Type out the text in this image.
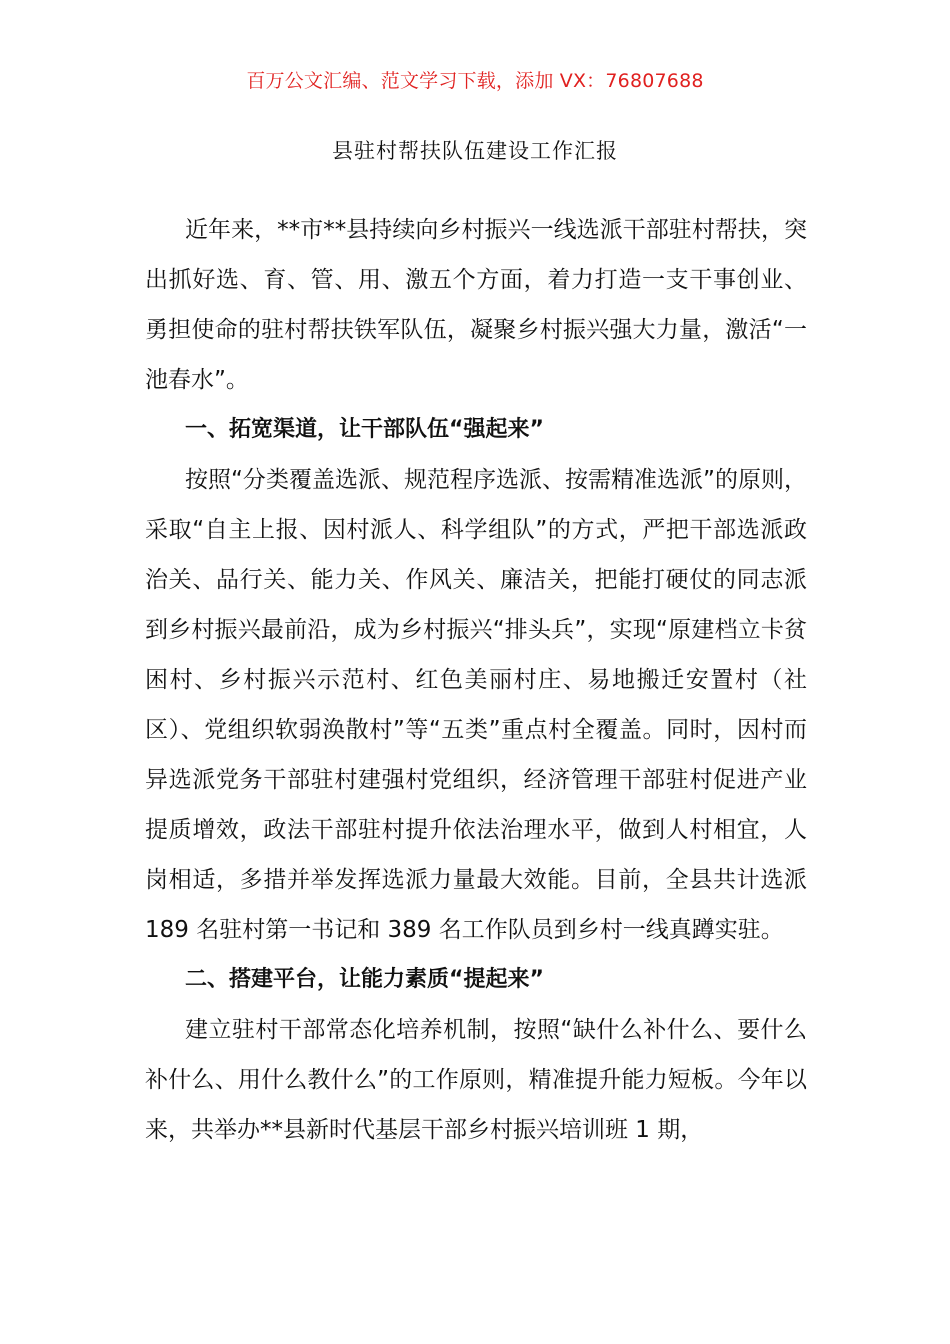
百万公文汇编、范文学习下载，添加 VX：76807688
县驻村帮扶队伍建设工作汇报

近年来，**市**县持续向乡村振兴一线选派干部驻村帮扶，突出抓好选、育、管、用、激五个方面，着力打造一支干事创业、勇担使命的驻村帮扶铁军队伍，凝聚乡村振兴强大力量，激活“一池春水”。

一、拓宽渠道，让干部队伍“强起来”

按照“分类覆盖选派、规范程序选派、按需精准选派”的原则，采取“自主上报、因村派人、科学组队”的方式，严把干部选派政治关、品行关、能力关、作风关、廉洁关，把能打硬仗的同志派到乡村振兴最前沿，成为乡村振兴“排头兵”，实现“原建档立卡贫困村、乡村振兴示范村、红色美丽村庄、易地搬迁安置村（社区）、党组织软弱涣散村”等“五类”重点村全覆盖。同时，因村而异选派党务干部驻村建强村党组织，经济管理干部驻村促进产业提质增效，政法干部驻村提升依法治理水平，做到人村相宜，人岗相适，多措并举发挥选派力量最大效能。目前，全县共计选派 189 名驻村第一书记和 389 名工作队员到乡村一线真蹲实驻。

二、搭建平台，让能力素质“提起来”

建立驻村干部常态化培养机制，按照“缺什么补什么、要什么补什么、用什么教什么”的工作原则，精准提升能力短板。今年以来，共举办**县新时代基层干部乡村振兴培训班 1 期，
